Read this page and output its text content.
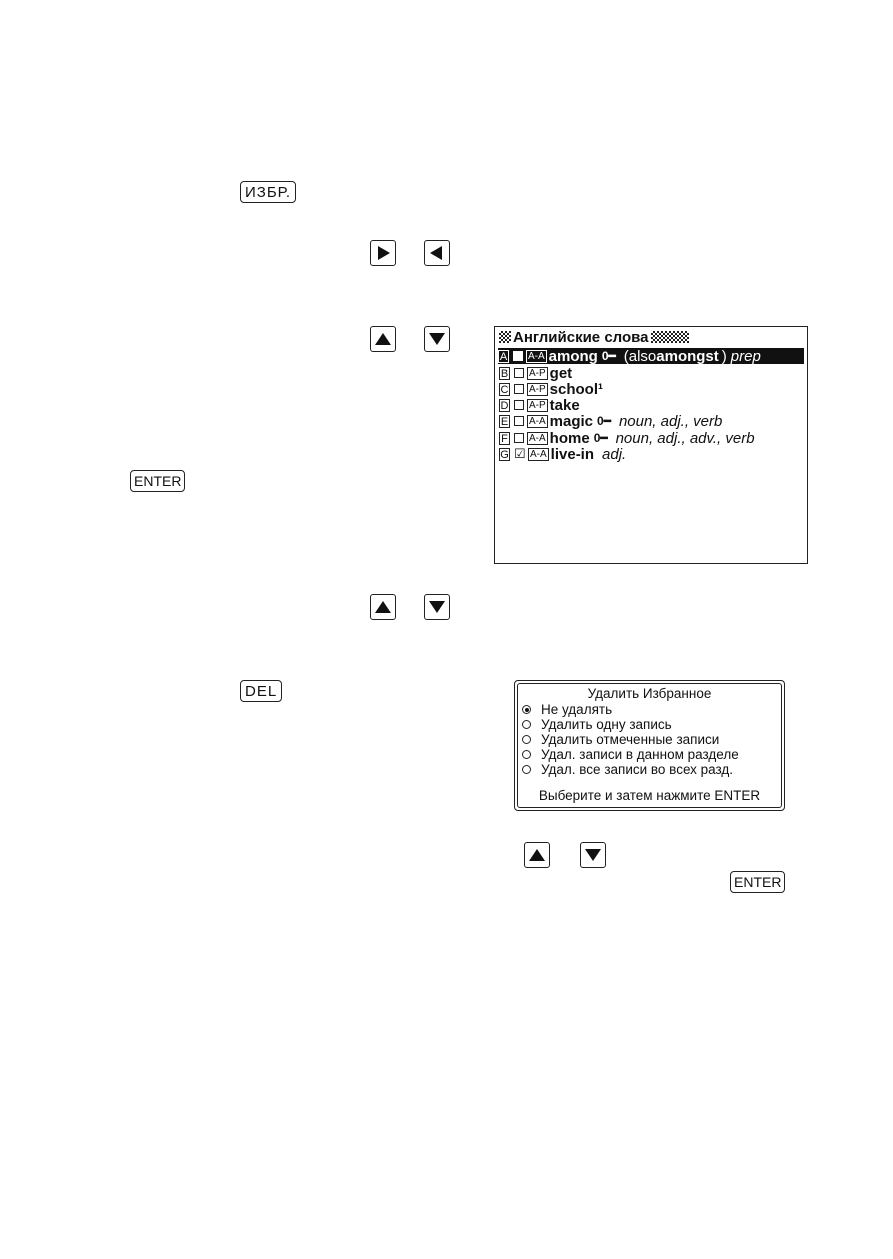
ИЗБР.
ENTER
Английские слова
A A-A among 0━ (also amongst ) prep
B A-P get
C A-P school¹
D A-P take
E A-A magic 0━ noun, adj., verb
F A-A home 0━ noun, adj., adv., verb
G ☑ A-A live-in adj.
DEL	Удалить Избранное
Не удалять
Удалить одну запись
Удалить отмеченные записи
Удал. записи в данном разделе
Удал. все записи во всех разд.
Выберите и затем нажмите ENTER
ENTER
